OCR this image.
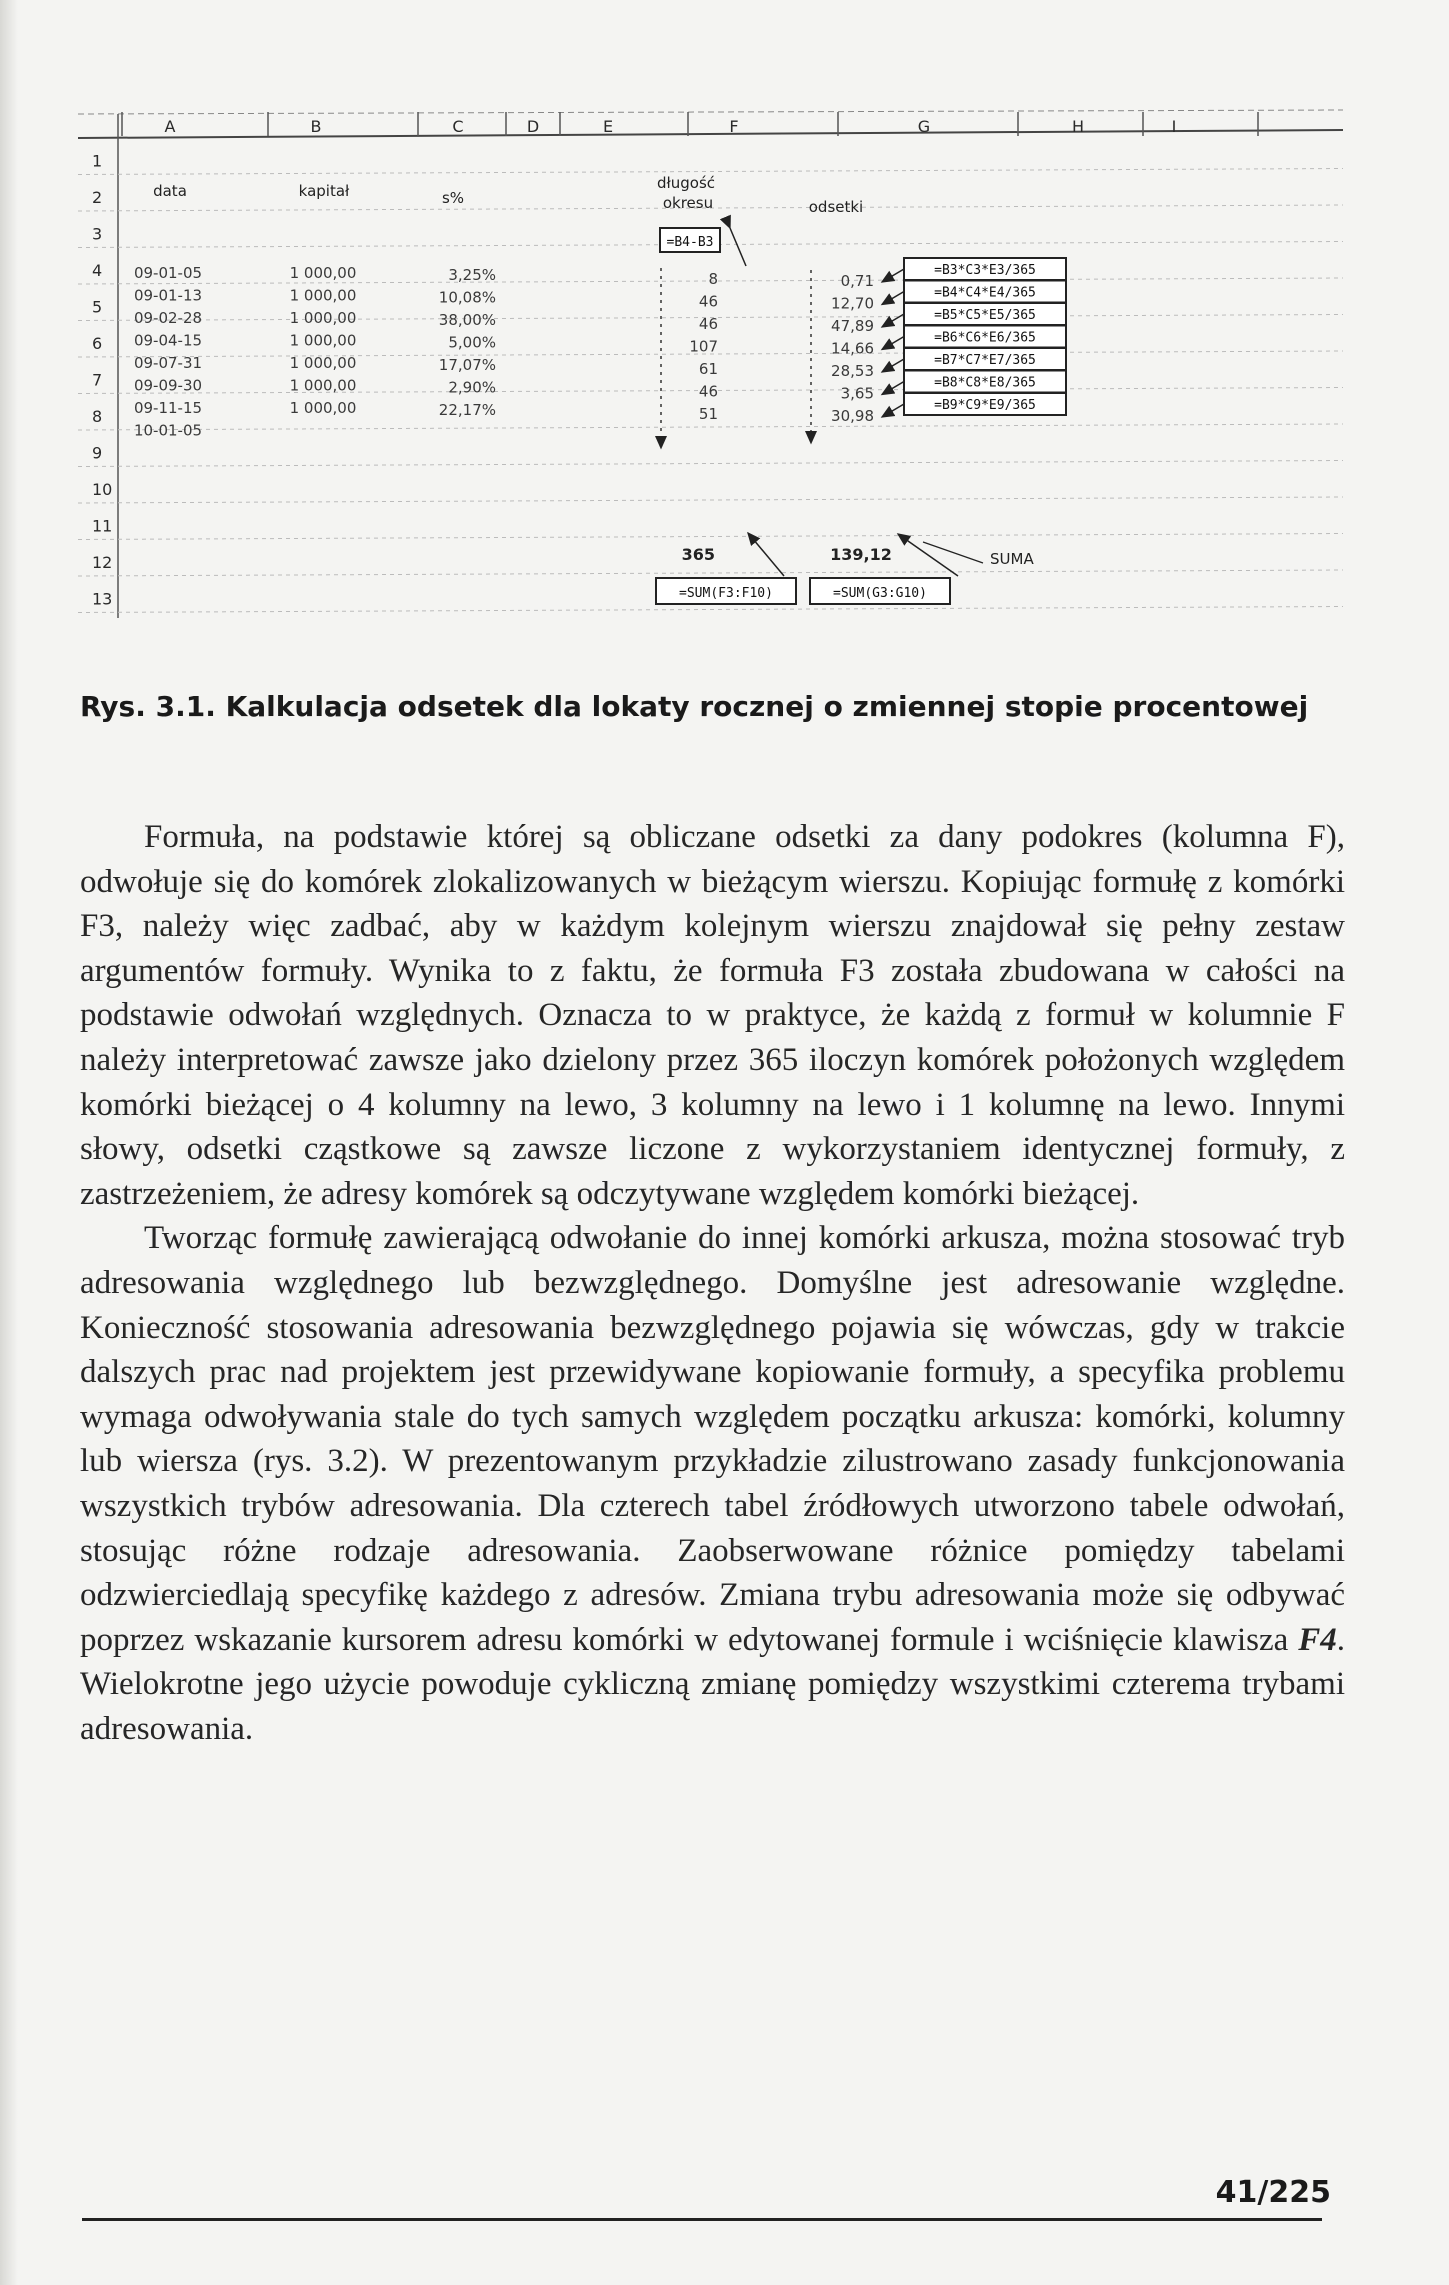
A	B	C	D	E	F	G	H	I
1
2
3
4
5
6
7
8
9
10
11
12
13
data	kapitał	s%
długość
okresu	odsetki
09-01-05	1 000,00	3,25%	8	0,71
09-01-13	1 000,00	10,08%	46	12,70
09-02-28	1 000,00	38,00%	46	47,89
09-04-15	1 000,00	5,00%	107	14,66
09-07-31	1 000,00	17,07%	61	28,53
09-09-30	1 000,00	2,90%	46	3,65
09-11-15	1 000,00	22,17%	51	30,98
10-01-05
365	139,12	SUMA
=B4-B3
=B3*C3*E3/365
=B4*C4*E4/365
=B5*C5*E5/365
=B6*C6*E6/365
=B7*C7*E7/365
=B8*C8*E8/365
=B9*C9*E9/365
=SUM(F3:F10)	=SUM(G3:G10)
Rys. 3.1. Kalkulacja odsetek dla lokaty rocznej o zmiennej stopie procentowej

Formuła, na podstawie której są obliczane odsetki za dany podokres (kolumna F), odwołuje się do komórek zlokalizowanych w bieżącym wierszu. Kopiując formułę z komórki F3, należy więc zadbać, aby w każdym kolejnym wierszu znajdował się pełny zestaw argumentów formuły. Wynika to z faktu, że formuła F3 została zbudowana w całości na podstawie odwołań względnych. Oznacza to w praktyce, że każdą z formuł w kolumnie F należy interpretować zawsze jako dzielony przez 365 iloczyn komórek położonych względem komórki bieżącej o 4 kolumny na lewo, 3 kolumny na lewo i 1 kolumnę na lewo. Innymi słowy, odsetki cząstkowe są zawsze liczone z wykorzystaniem identycznej formuły, z zastrzeżeniem, że adresy komórek są odczytywane względem komórki bieżącej.

Tworząc formułę zawierającą odwołanie do innej komórki arkusza, można stosować tryb adresowania względnego lub bezwzględnego. Domyślne jest adresowanie względne. Konieczność stosowania adresowania bezwzględnego pojawia się wówczas, gdy w trakcie dalszych prac nad projektem jest przewidywane kopiowanie formuły, a specyfika problemu wymaga odwoływania stale do tych samych względem początku arkusza: komórki, kolumny lub wiersza (rys. 3.2). W prezentowanym przykładzie zilustrowano zasady funkcjonowania wszystkich trybów adresowania. Dla czterech tabel źródłowych utworzono tabele odwołań, stosując różne rodzaje adresowania. Zaobserwowane różnice pomiędzy tabelami odzwierciedlają specyfikę każdego z adresów. Zmiana trybu adresowania może się odbywać poprzez wskazanie kursorem adresu komórki w edytowanej formule i wciśnięcie klawisza F4. Wielokrotne jego użycie powoduje cykliczną zmianę pomiędzy wszystkimi czterema trybami adresowania.

41/225
